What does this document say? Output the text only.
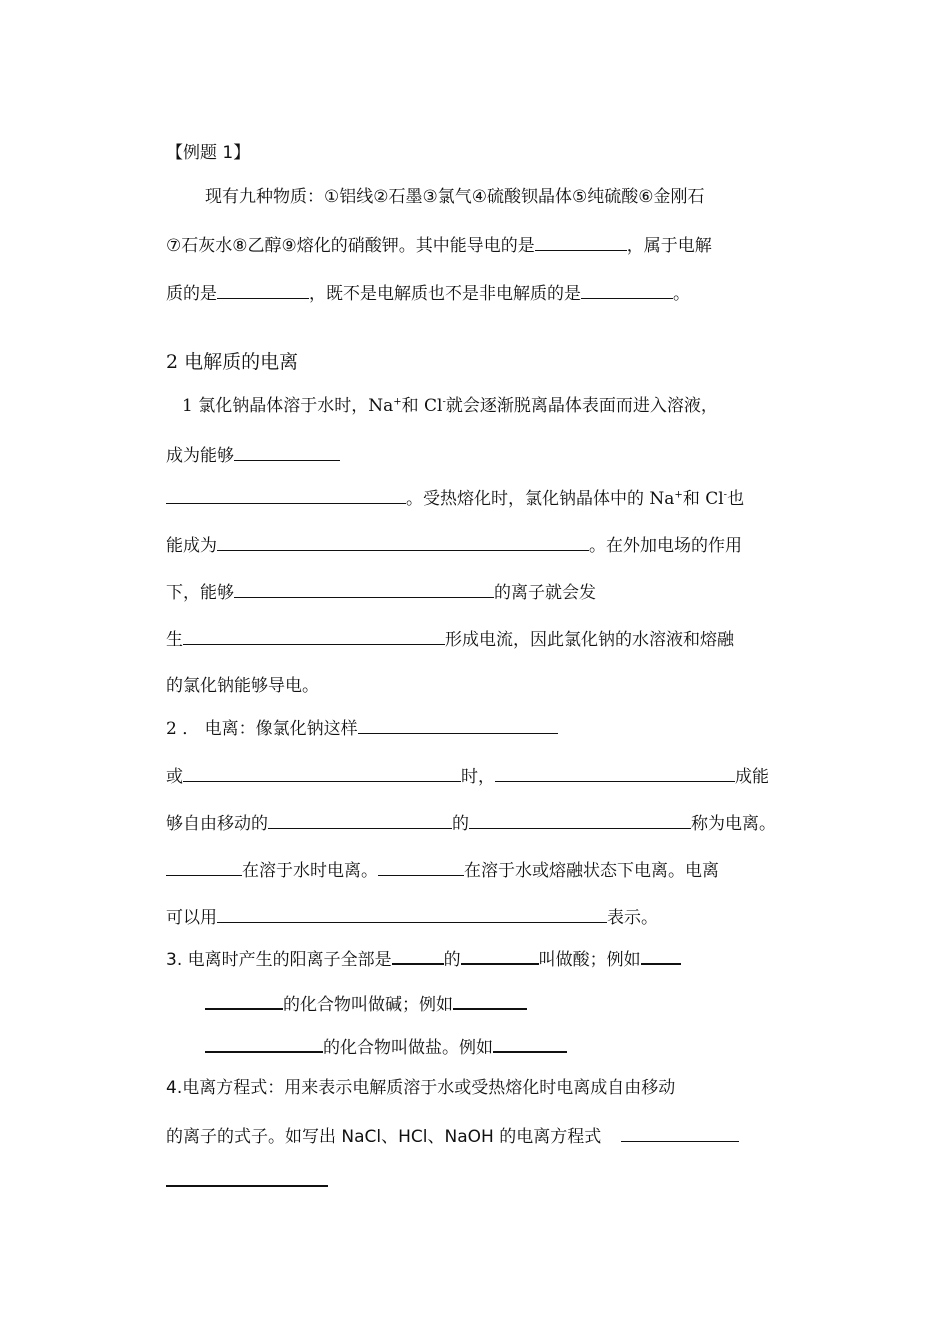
【例题 1】
现有九种物质：①铝线②石墨③氯气④硫酸钡晶体⑤纯硫酸⑥金刚石
⑦石灰水⑧乙醇⑨熔化的硝酸钾。其中能导电的是	，属于电解
质的是	，既不是电解质也不是非电解质的是	。
2 电解质的电离
1 氯化钠晶体溶于水时，Na+和 Cl-就会逐渐脱离晶体表面而进入溶液，
成为能够
。受热熔化时，氯化钠晶体中的 Na+和 Cl-也
能成为	。在外加电场的作用
下，能够	的离子就会发
生	形成电流，因此氯化钠的水溶液和熔融
的氯化钠能够导电。
2 ． 电离：像氯化钠这样
或	时，	成能
够自由移动的	的	称为电离。
在溶于水时电离。	在溶于水或熔融状态下电离。电离
可以用	表示。
3. 电离时产生的阳离子全部是	的	叫做酸；例如
的化合物叫做碱；例如
的化合物叫做盐。例如
4.电离方程式：用来表示电解质溶于水或受热熔化时电离成自由移动
的离子的式子。如写出 NaCl、HCl、NaOH 的电离方程式
